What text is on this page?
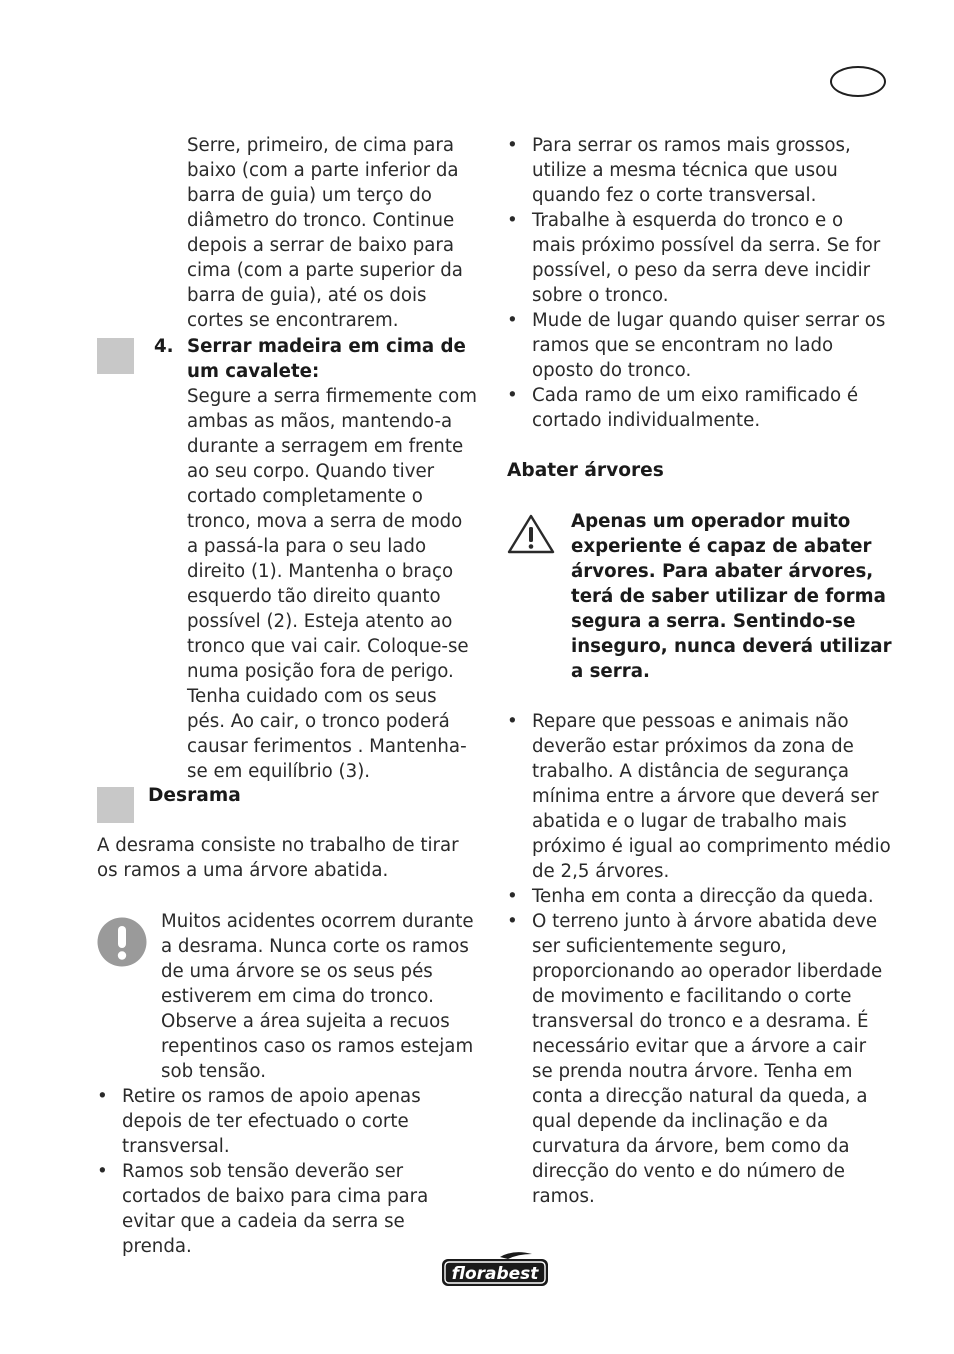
Serre, primeiro, de cima para baixo (com a parte inferior da barra de guia) um terço do diâmetro do tronco. Continue depois a serrar de baixo para cima (com a parte superior da barra de guia), até os dois cortes se encontrarem.

4. Serrar madeira em cima de um cavalete:

Segure a serra firmemente com ambas as mãos, mantendo-a durante a serragem em frente ao seu corpo. Quando tiver cortado completamente o tronco, mova a serra de modo a passá-la para o seu lado direito (1). Mantenha o braço esquerdo tão direito quanto possível (2). Esteja atento ao tronco que vai cair. Coloque-se numa posição fora de perigo. Tenha cuidado com os seus pés. Ao cair, o tronco poderá causar ferimentos . Mantenha-se em equilíbrio (3).

Desrama

A desrama consiste no trabalho de tirar os ramos a uma árvore abatida.

Muitos acidentes ocorrem durante a desrama. Nunca corte os ramos de uma árvore se os seus pés estiverem em cima do tronco. Observe a área sujeita a recuos repentinos caso os ramos estejam sob tensão.

• Retire os ramos de apoio apenas depois de ter efectuado o corte transversal.
• Ramos sob tensão deverão ser cortados de baixo para cima para evitar que a cadeia da serra se prenda.
• Para serrar os ramos mais grossos, utilize a mesma técnica que usou quando fez o corte transversal.
• Trabalhe à esquerda do tronco e o mais próximo possível da serra. Se for possível, o peso da serra deve incidir sobre o tronco.
• Mude de lugar quando quiser serrar os ramos que se encontram no lado oposto do tronco.
• Cada ramo de um eixo ramificado é cortado individualmente.
Abater árvores

Apenas um operador muito experiente é capaz de abater árvores. Para abater árvores, terá de saber utilizar de forma segura a serra. Sentindo-se inseguro, nunca deverá utilizar a serra.

• Repare que pessoas e animais não deverão estar próximos da zona de trabalho. A distância de segurança mínima entre a árvore que deverá ser abatida e o lugar de trabalho mais próximo é igual ao comprimento médio de 2,5 árvores.
• Tenha em conta a direcção da queda.
• O terreno junto à árvore abatida deve ser suficientemente seguro, proporcionando ao operador liberdade de movimento e facilitando o corte transversal do tronco e a desrama. É necessário evitar que a árvore a cair se prenda noutra árvore. Tenha em conta a direcção natural da queda, a qual depende da inclinação e da curvatura da árvore, bem como da direcção do vento e do número de ramos.
florabest
